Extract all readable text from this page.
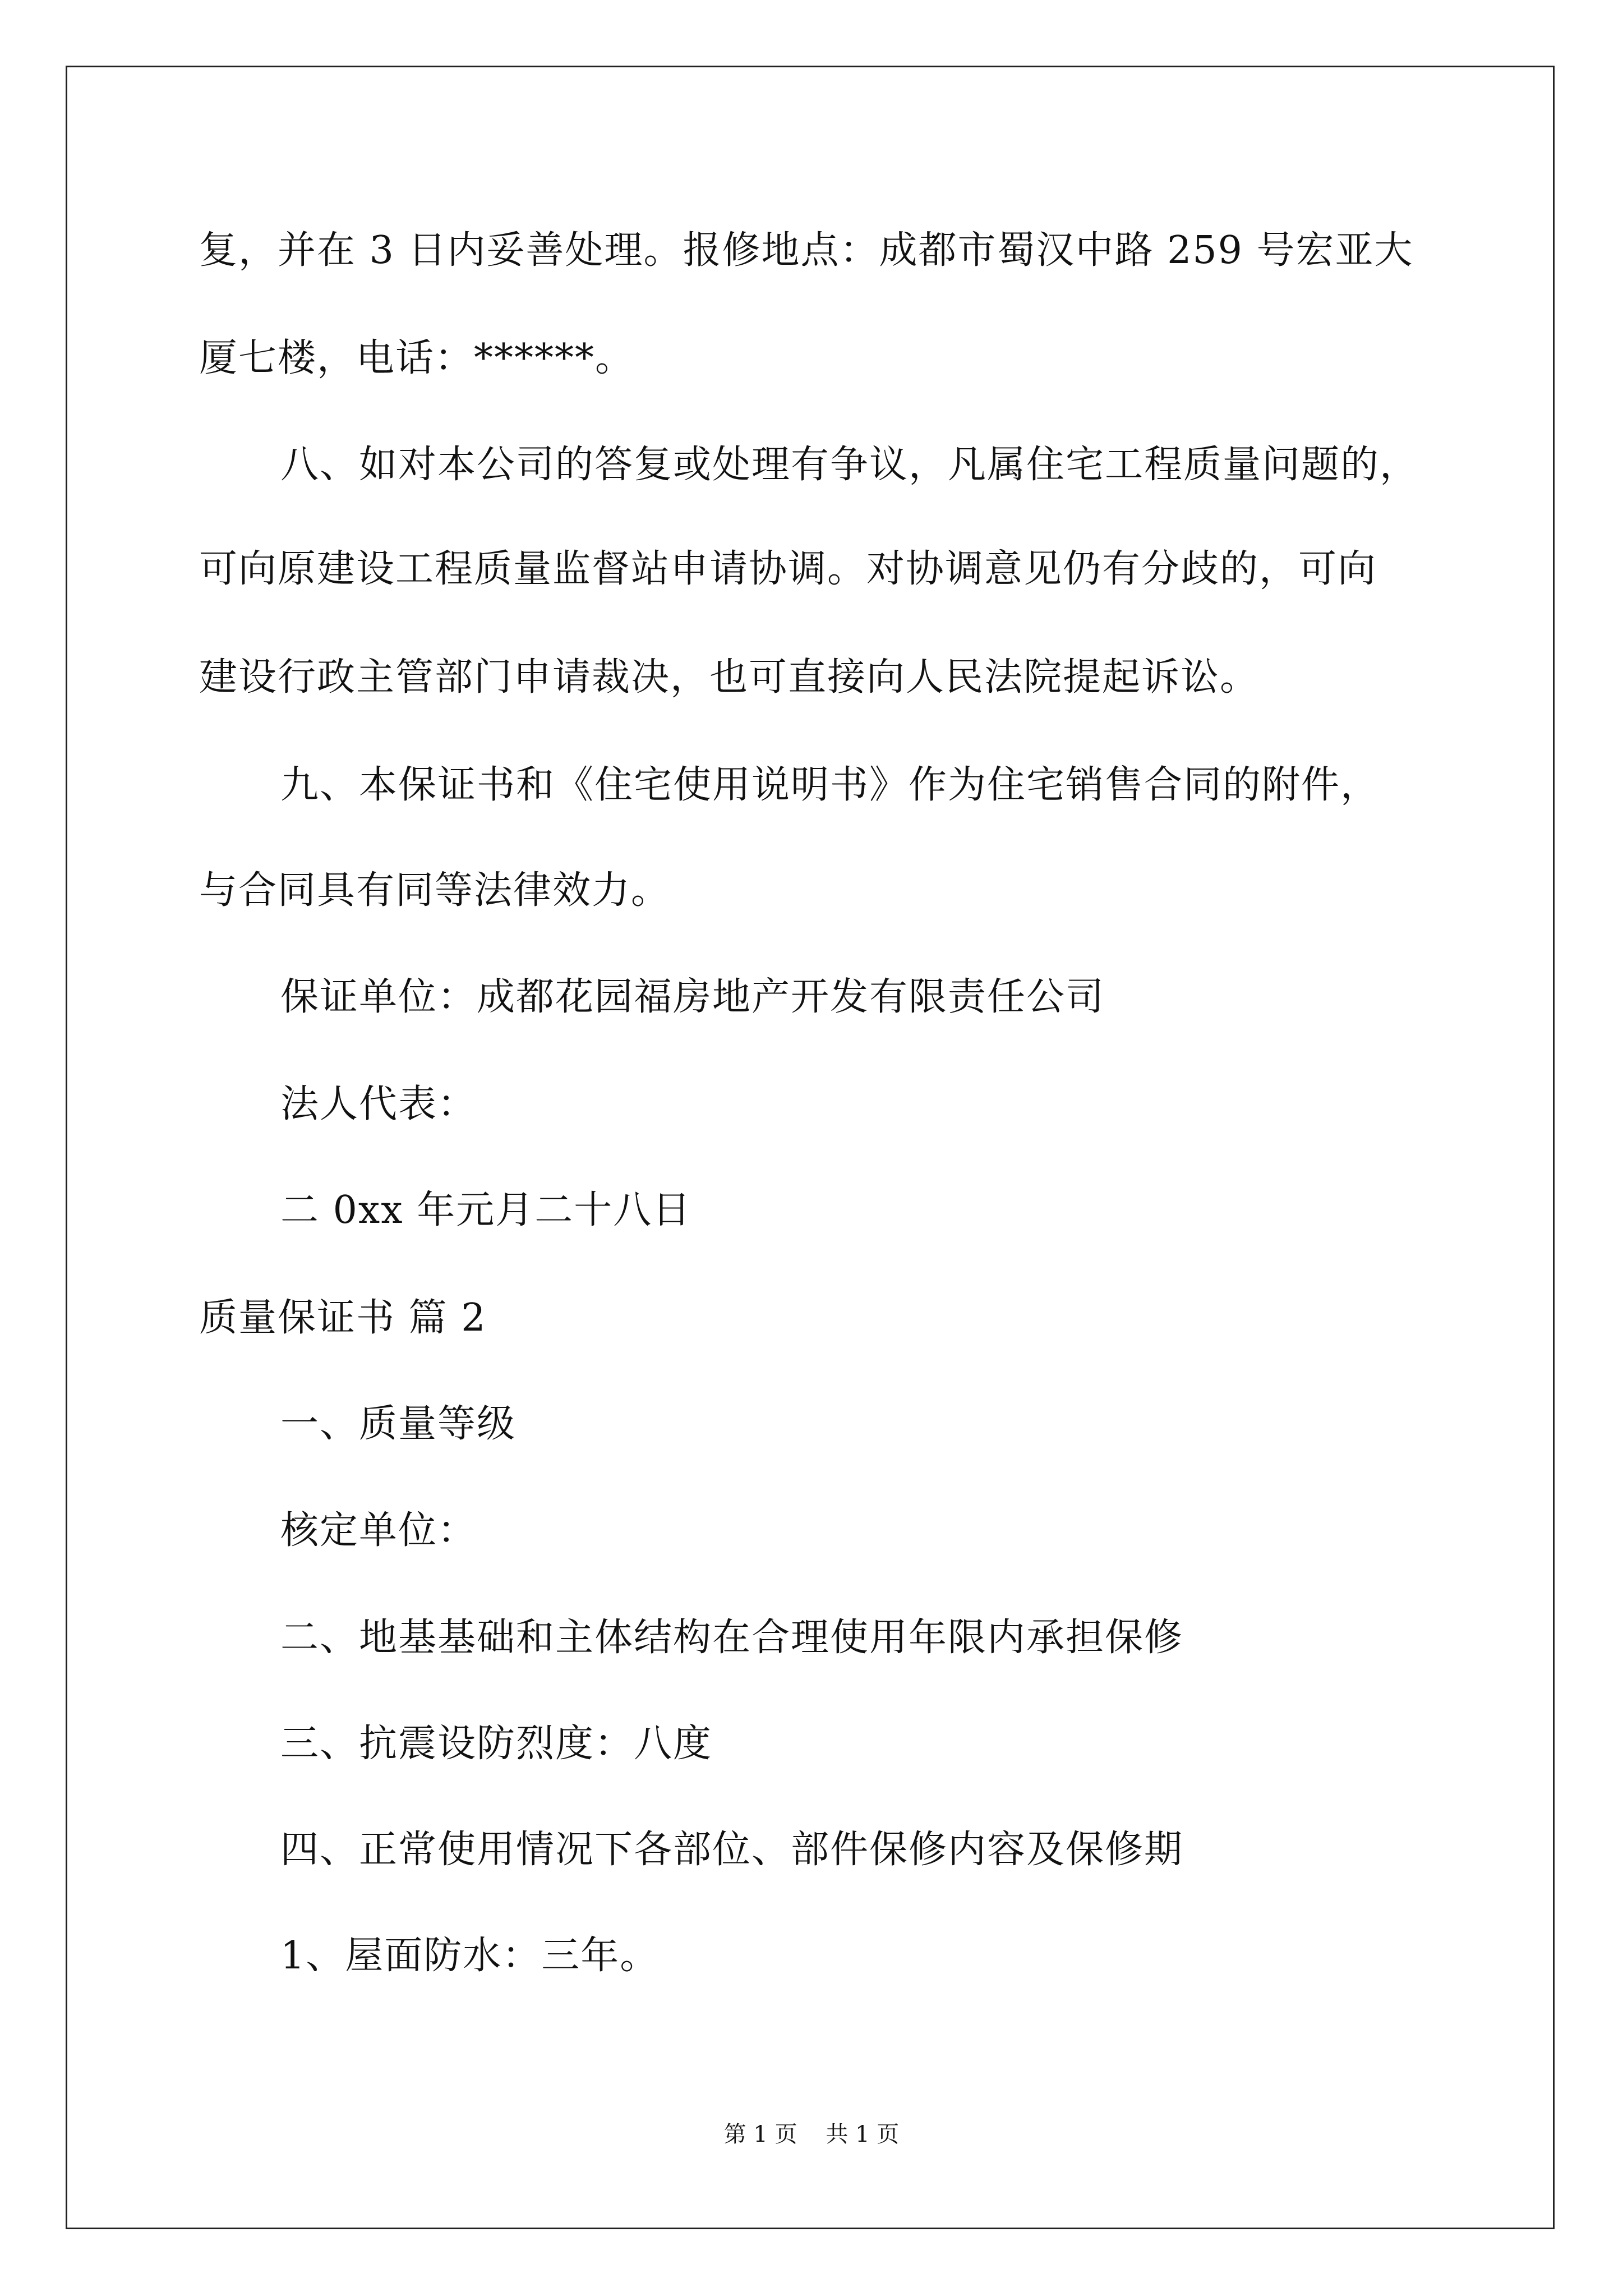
复，并在 3 日内妥善处理。报修地点：成都市蜀汉中路 259 号宏亚大
厦七楼，电话：******。
八、如对本公司的答复或处理有争议，凡属住宅工程质量问题的，
可向原建设工程质量监督站申请协调。对协调意见仍有分歧的，可向
建设行政主管部门申请裁决，也可直接向人民法院提起诉讼。
九、本保证书和《住宅使用说明书》作为住宅销售合同的附件，
与合同具有同等法律效力。
保证单位：成都花园福房地产开发有限责任公司
法人代表：
二 0xx 年元月二十八日
质量保证书 篇 2
一、质量等级
核定单位：
二、地基基础和主体结构在合理使用年限内承担保修
三、抗震设防烈度：八度
四、正常使用情况下各部位、部件保修内容及保修期
1、屋面防水：三年。
第 1 页    共 1 页
